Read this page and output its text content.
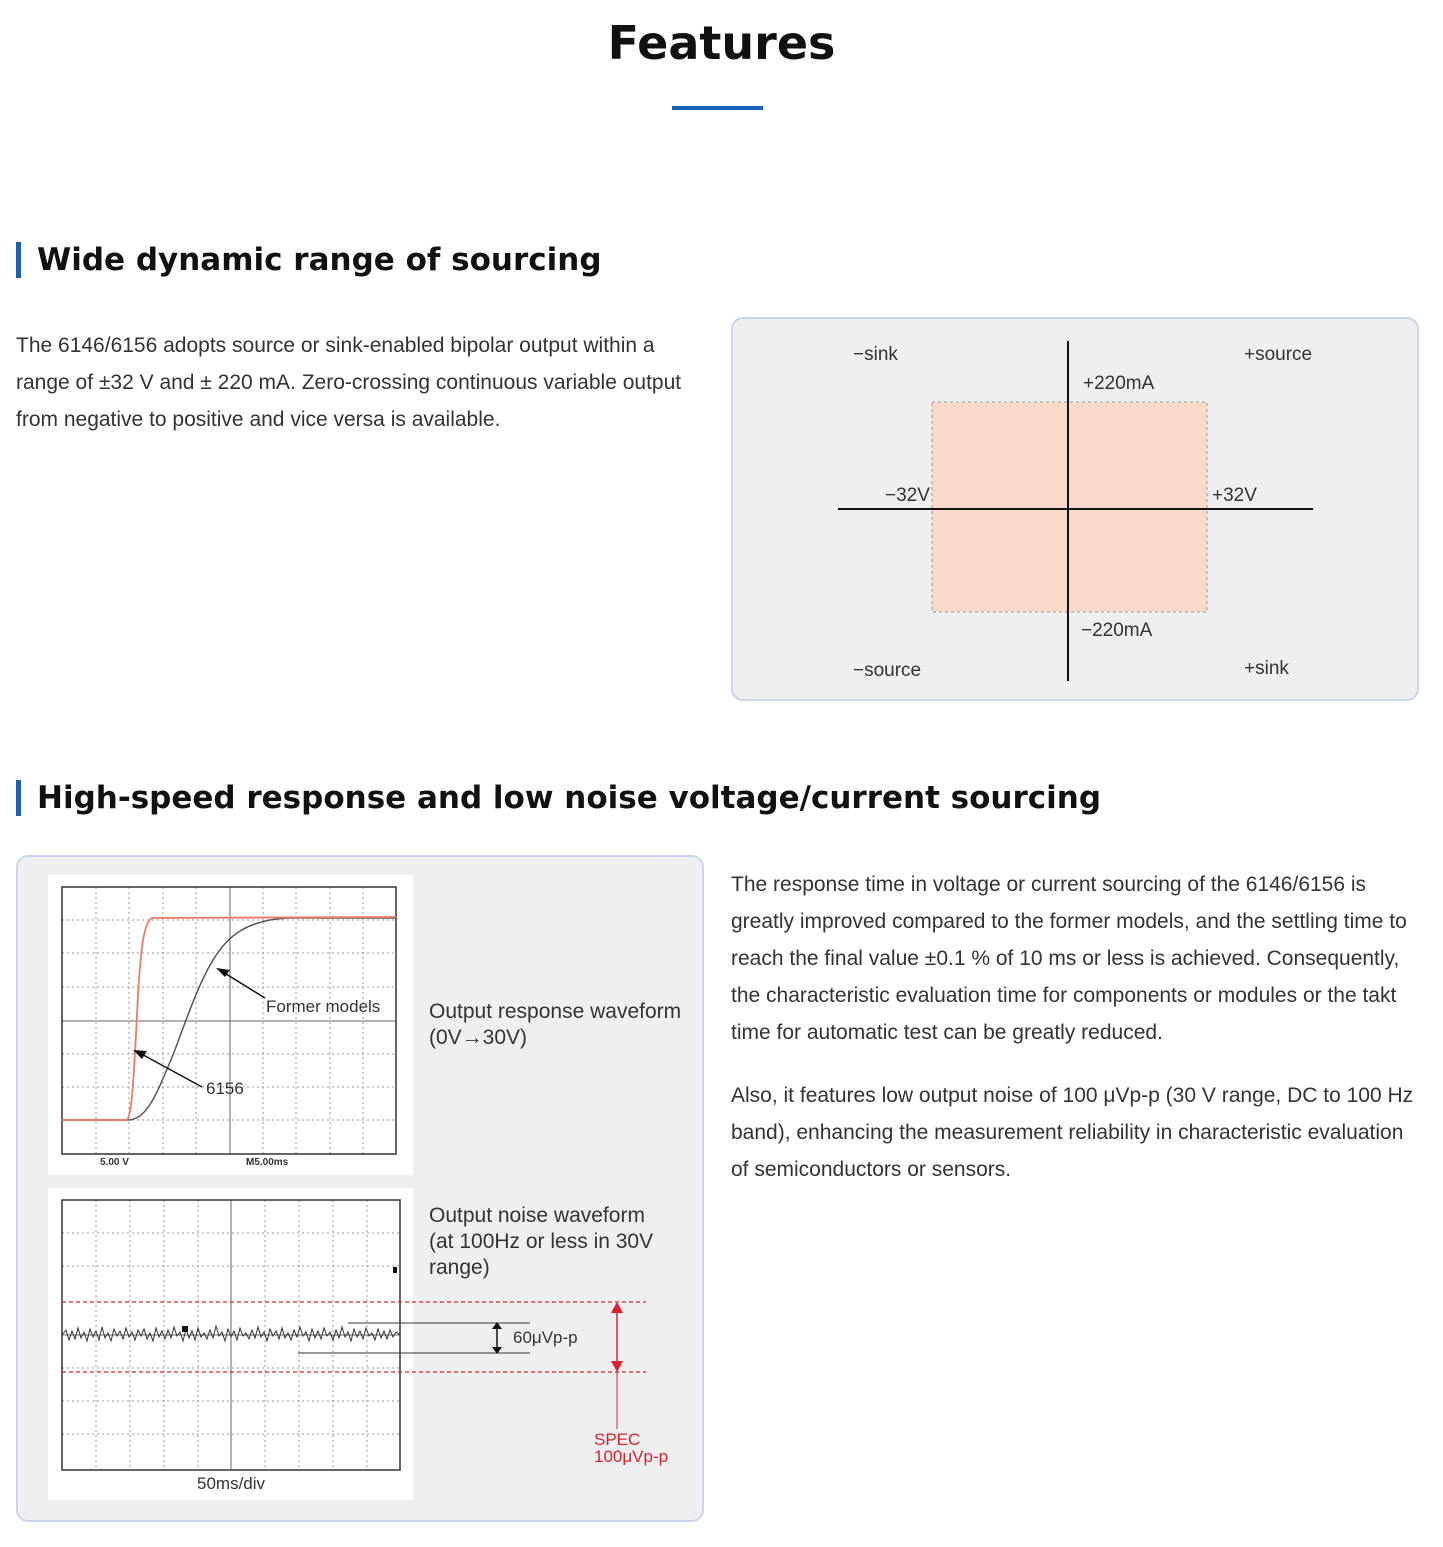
Features
Wide dynamic range of sourcing

The 6146/6156 adopts source or sink-enabled bipolar output within a range of ±32 V and ± 220 mA. Zero-crossing continuous variable output from negative to positive and vice versa is available.

−sink	+source
−source	+sink
+220mA
−220mA
−32V	+32V
High-speed response and low noise voltage/current sourcing
Former models
6156
5.00 V	M5.00ms

Output response waveform
(0V→30V)

Output noise waveform
(at 100Hz or less in 30V
range)

60μVp-p
SPEC
100μVp-p
50ms/div

The response time in voltage or current sourcing of the 6146/6156 is greatly improved compared to the former models, and the settling time to reach the final value ±0.1 % of 10 ms or less is achieved. Consequently, the characteristic evaluation time for components or modules or the takt time for automatic test can be greatly reduced.

Also, it features low output noise of 100 μVp-p (30 V range, DC to 100 Hz band), enhancing the measurement reliability in characteristic evaluation of semiconductors or sensors.
